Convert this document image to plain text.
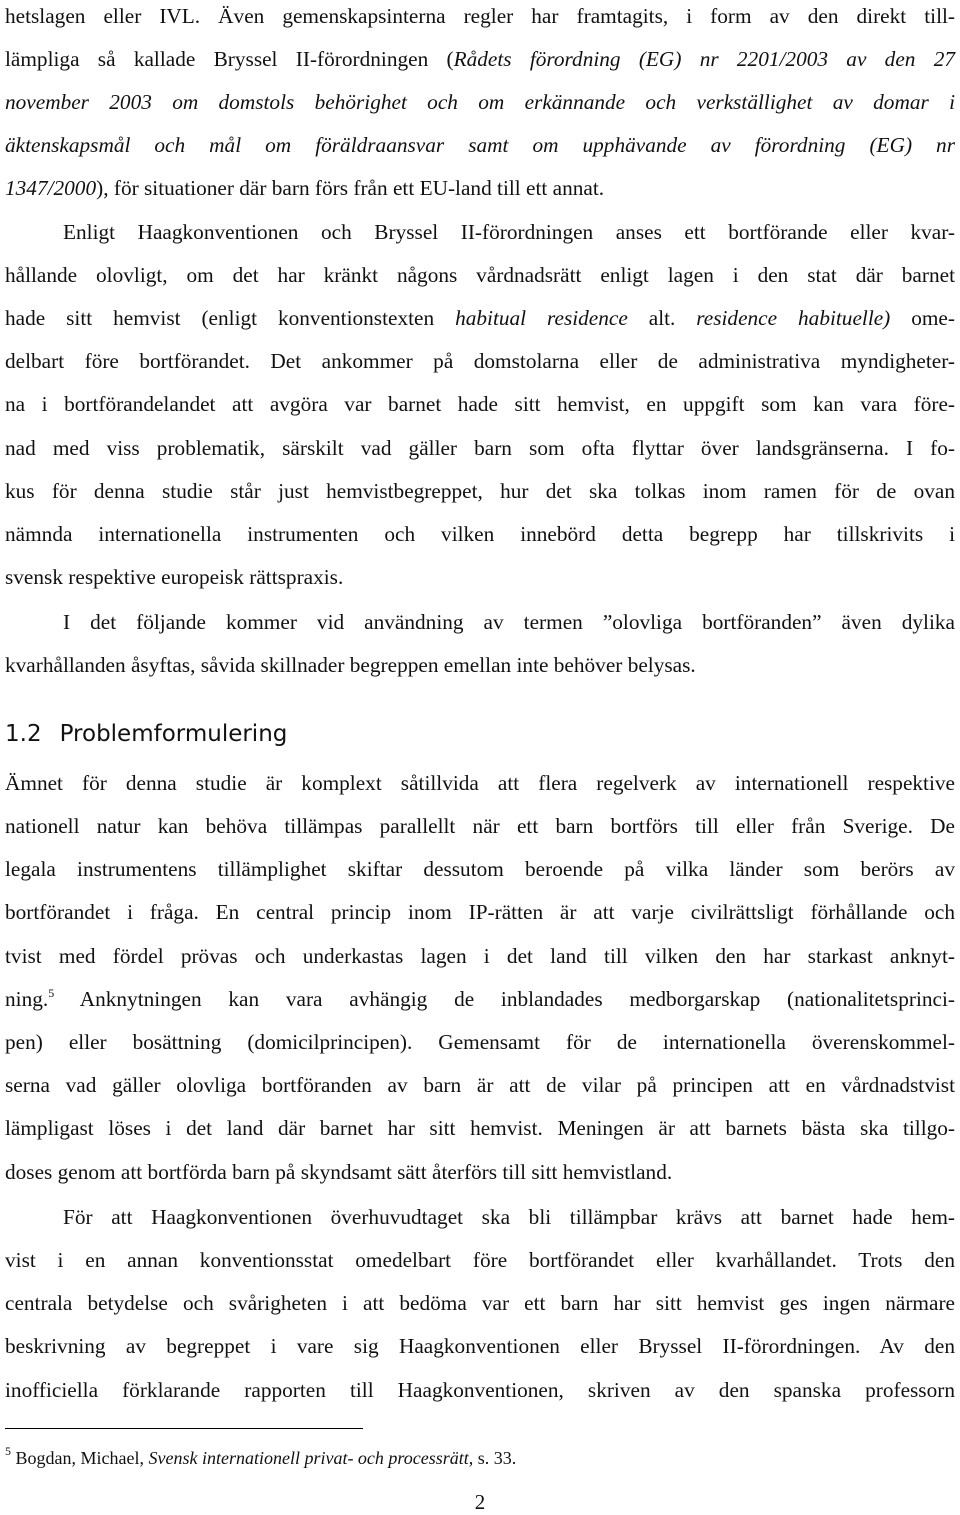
hetslagen eller IVL. Även gemenskapsinterna regler har framtagits, i form av den direkt till-
lämpliga så kallade Bryssel II-förordningen (Rådets förordning (EG) nr 2201/2003 av den 27
november 2003 om domstols behörighet och om erkännande och verkställighet av domar i
äktenskapsmål och mål om föräldraansvar samt om upphävande av förordning (EG) nr
1347/2000), för situationer där barn förs från ett EU-land till ett annat.
Enligt Haagkonventionen och Bryssel II-förordningen anses ett bortförande eller kvar-
hållande olovligt, om det har kränkt någons vårdnadsrätt enligt lagen i den stat där barnet
hade sitt hemvist (enligt konventionstexten habitual residence alt. residence habituelle) ome-
delbart före bortförandet. Det ankommer på domstolarna eller de administrativa myndigheter-
na i bortförandelandet att avgöra var barnet hade sitt hemvist, en uppgift som kan vara före-
nad med viss problematik, särskilt vad gäller barn som ofta flyttar över landsgränserna. I fo-
kus för denna studie står just hemvistbegreppet, hur det ska tolkas inom ramen för de ovan
nämnda internationella instrumenten och vilken innebörd detta begrepp har tillskrivits i
svensk respektive europeisk rättspraxis.
I det följande kommer vid användning av termen ”olovliga bortföranden” även dylika
kvarhållanden åsyftas, såvida skillnader begreppen emellan inte behöver belysas.
1.2 Problemformulering
Ämnet för denna studie är komplext såtillvida att flera regelverk av internationell respektive
nationell natur kan behöva tillämpas parallellt när ett barn bortförs till eller från Sverige. De
legala instrumentens tillämplighet skiftar dessutom beroende på vilka länder som berörs av
bortförandet i fråga. En central princip inom IP-rätten är att varje civilrättsligt förhållande och
tvist med fördel prövas och underkastas lagen i det land till vilken den har starkast anknyt-
ning.$^5$ Anknytningen kan vara avhängig de inblandades medborgarskap (nationalitetsprinci-
pen) eller bosättning (domicilprincipen). Gemensamt för de internationella överenskommel-
serna vad gäller olovliga bortföranden av barn är att de vilar på principen att en vårdnadstvist
lämpligast löses i det land där barnet har sitt hemvist. Meningen är att barnets bästa ska tillgo-
doses genom att bortförda barn på skyndsamt sätt återförs till sitt hemvistland.
För att Haagkonventionen överhuvudtaget ska bli tillämpbar krävs att barnet hade hem-
vist i en annan konventionsstat omedelbart före bortförandet eller kvarhållandet. Trots den
centrala betydelse och svårigheten i att bedöma var ett barn har sitt hemvist ges ingen närmare
beskrivning av begreppet i vare sig Haagkonventionen eller Bryssel II-förordningen. Av den
inofficiella förklarande rapporten till Haagkonventionen, skriven av den spanska professorn
$^5$ Bogdan, Michael, Svensk internationell privat- och processrätt, s. 33.
2
